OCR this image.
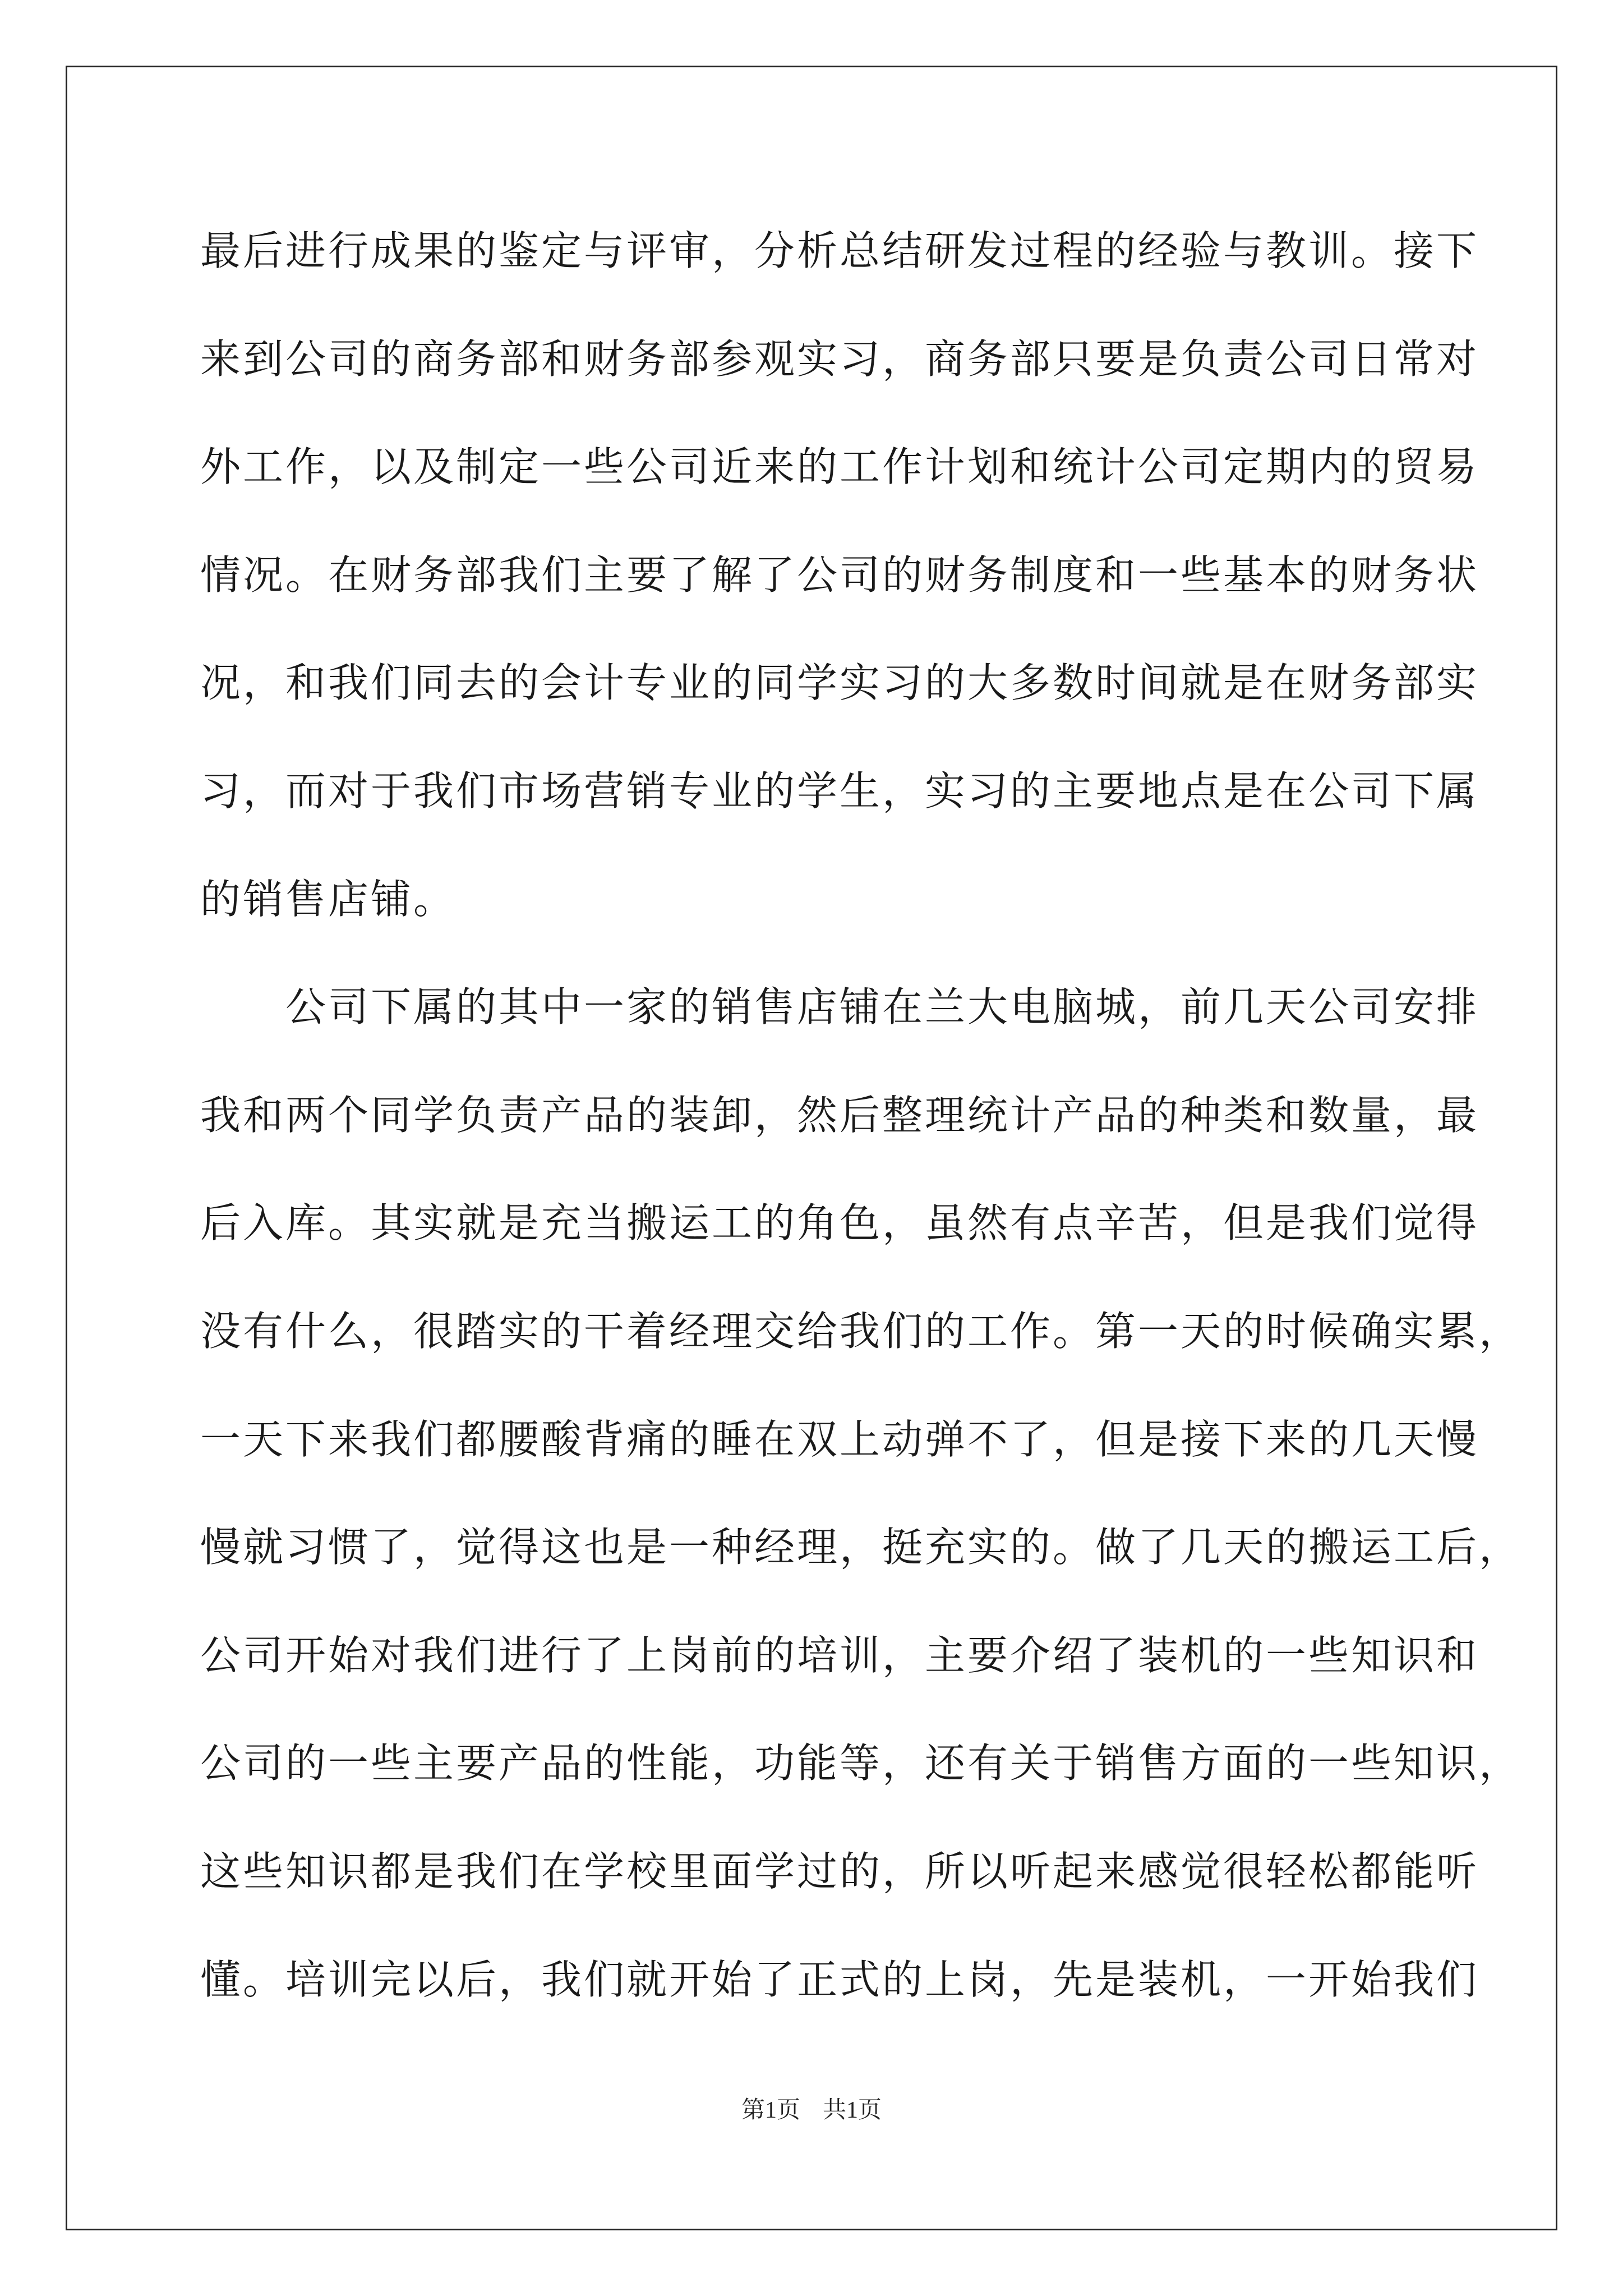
最后进行成果的鉴定与评审，分析总结研发过程的经验与教训。接下
来到公司的商务部和财务部参观实习，商务部只要是负责公司日常对
外工作，以及制定一些公司近来的工作计划和统计公司定期内的贸易
情况。在财务部我们主要了解了公司的财务制度和一些基本的财务状
况，和我们同去的会计专业的同学实习的大多数时间就是在财务部实
习，而对于我们市场营销专业的学生，实习的主要地点是在公司下属
的销售店铺。
　　公司下属的其中一家的销售店铺在兰大电脑城，前几天公司安排
我和两个同学负责产品的装卸，然后整理统计产品的种类和数量，最
后入库。其实就是充当搬运工的角色，虽然有点辛苦，但是我们觉得
没有什么，很踏实的干着经理交给我们的工作。第一天的时候确实累，
一天下来我们都腰酸背痛的睡在双上动弹不了，但是接下来的几天慢
慢就习惯了，觉得这也是一种经理，挺充实的。做了几天的搬运工后，
公司开始对我们进行了上岗前的培训，主要介绍了装机的一些知识和
公司的一些主要产品的性能，功能等，还有关于销售方面的一些知识，
这些知识都是我们在学校里面学过的，所以听起来感觉很轻松都能听
懂。培训完以后，我们就开始了正式的上岗，先是装机，一开始我们
第1页 共1页
